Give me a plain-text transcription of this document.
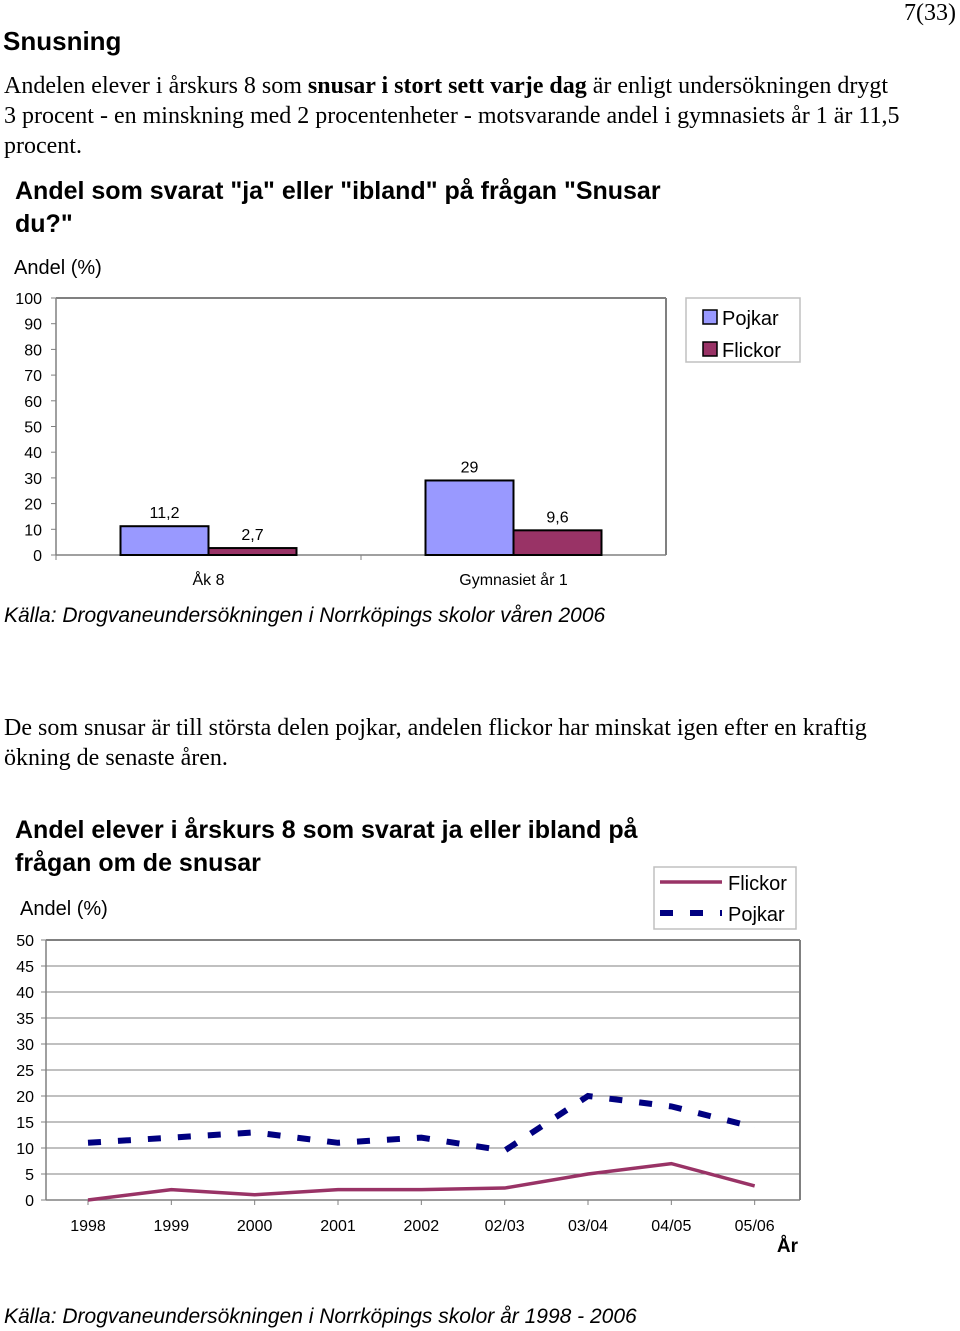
7(33)
Snusning
Andelen elever i årskurs 8 som snusar i stort sett varje dag är enligt undersökningen drygt 3 procent - en minskning med 2 procentenheter - motsvarande andel i gymnasiets år 1 är 11,5 procent.
Andel som svarat "ja" eller "ibland" på frågan "Snusar du?"
Andel (%)
0
10
20
30
40
50
60
70
80
90
100
Åk 8
11,2
2,7
Gymnasiet år 1
29
9,6
Pojkar
Flickor
Källa: Drogvaneundersökningen i Norrköpings skolor våren 2006
De som snusar är till största delen pojkar, andelen flickor har minskat igen efter en kraftig ökning de senaste åren.
Andel elever i årskurs 8 som svarat ja eller ibland på frågan om de snusar
Andel (%)
0
5
10
15
20
25
30
35
40
45
50
1998	1999	2000	2001	2002	02/03	03/04	04/05	05/06
År
Flickor
Pojkar
Källa: Drogvaneundersökningen i Norrköpings skolor år 1998 - 2006
